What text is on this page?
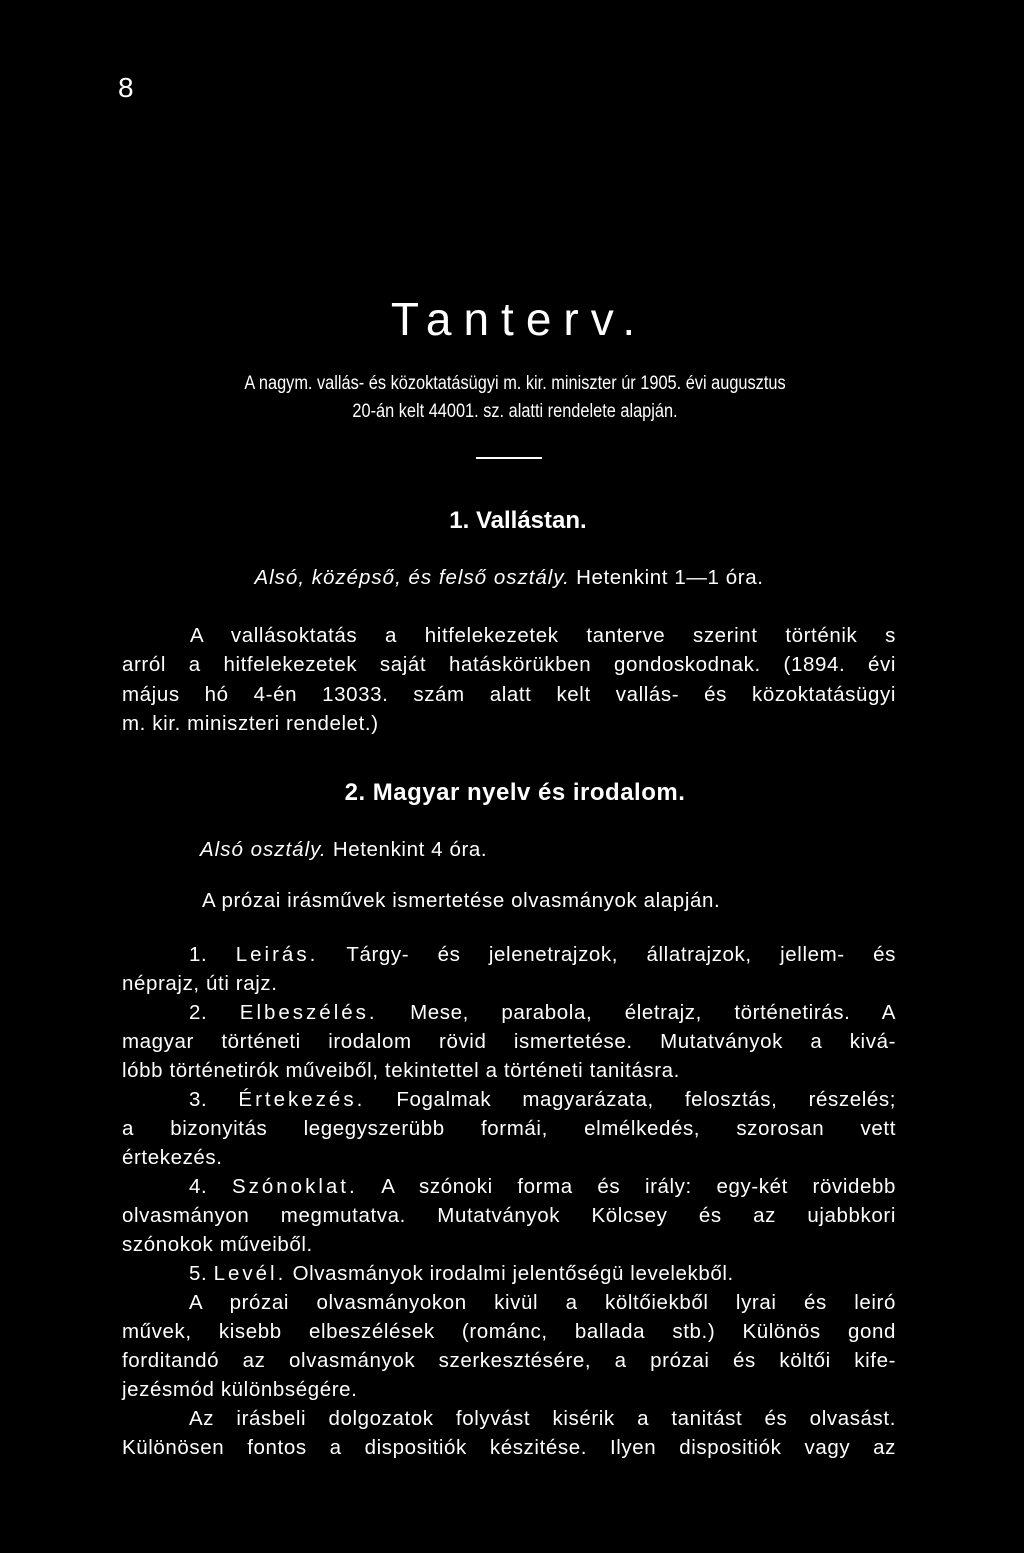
8
Tanterv.
A nagym. vallás- és közoktatásügyi m. kir. miniszter úr 1905. évi augusztus
20-án kelt 44001. sz. alatti rendelete alapján.
1. Vallástan.
Alsó, középső, és felső osztály. Hetenkint 1—1 óra.
A vallásoktatás a hitfelekezetek tanterve szerint történik s
arról a hitfelekezetek saját hatáskörükben gondoskodnak. (1894. évi
május hó 4-én 13033. szám alatt kelt vallás- és közoktatásügyi
m. kir. miniszteri rendelet.)
2. Magyar nyelv és irodalom.
Alsó osztály. Hetenkint 4 óra.
A prózai irásművek ismertetése olvasmányok alapján.
1. Leirás. Tárgy- és jelenetrajzok, állatrajzok, jellem- és
néprajz, úti rajz.
2. Elbeszélés. Mese, parabola, életrajz, történetirás. A
magyar történeti irodalom rövid ismertetése. Mutatványok a kivá-
lóbb történetirók műveiből, tekintettel a történeti tanitásra.
3. Értekezés. Fogalmak magyarázata, felosztás, részelés;
a bizonyitás legegyszerübb formái, elmélkedés, szorosan vett
értekezés.
4. Szónoklat. A szónoki forma és irály: egy-két rövidebb
olvasmányon megmutatva. Mutatványok Kölcsey és az ujabbkori
szónokok műveiből.
5. Levél. Olvasmányok irodalmi jelentőségü levelekből.
A prózai olvasmányokon kivül a költőiekből lyrai és leiró
művek, kisebb elbeszélések (románc, ballada stb.) Különös gond
forditandó az olvasmányok szerkesztésére, a prózai és költői kife-
jezésmód különbségére.
Az irásbeli dolgozatok folyvást kisérik a tanitást és olvasást.
Különösen fontos a dispositiók készitése. Ilyen dispositiók vagy az
